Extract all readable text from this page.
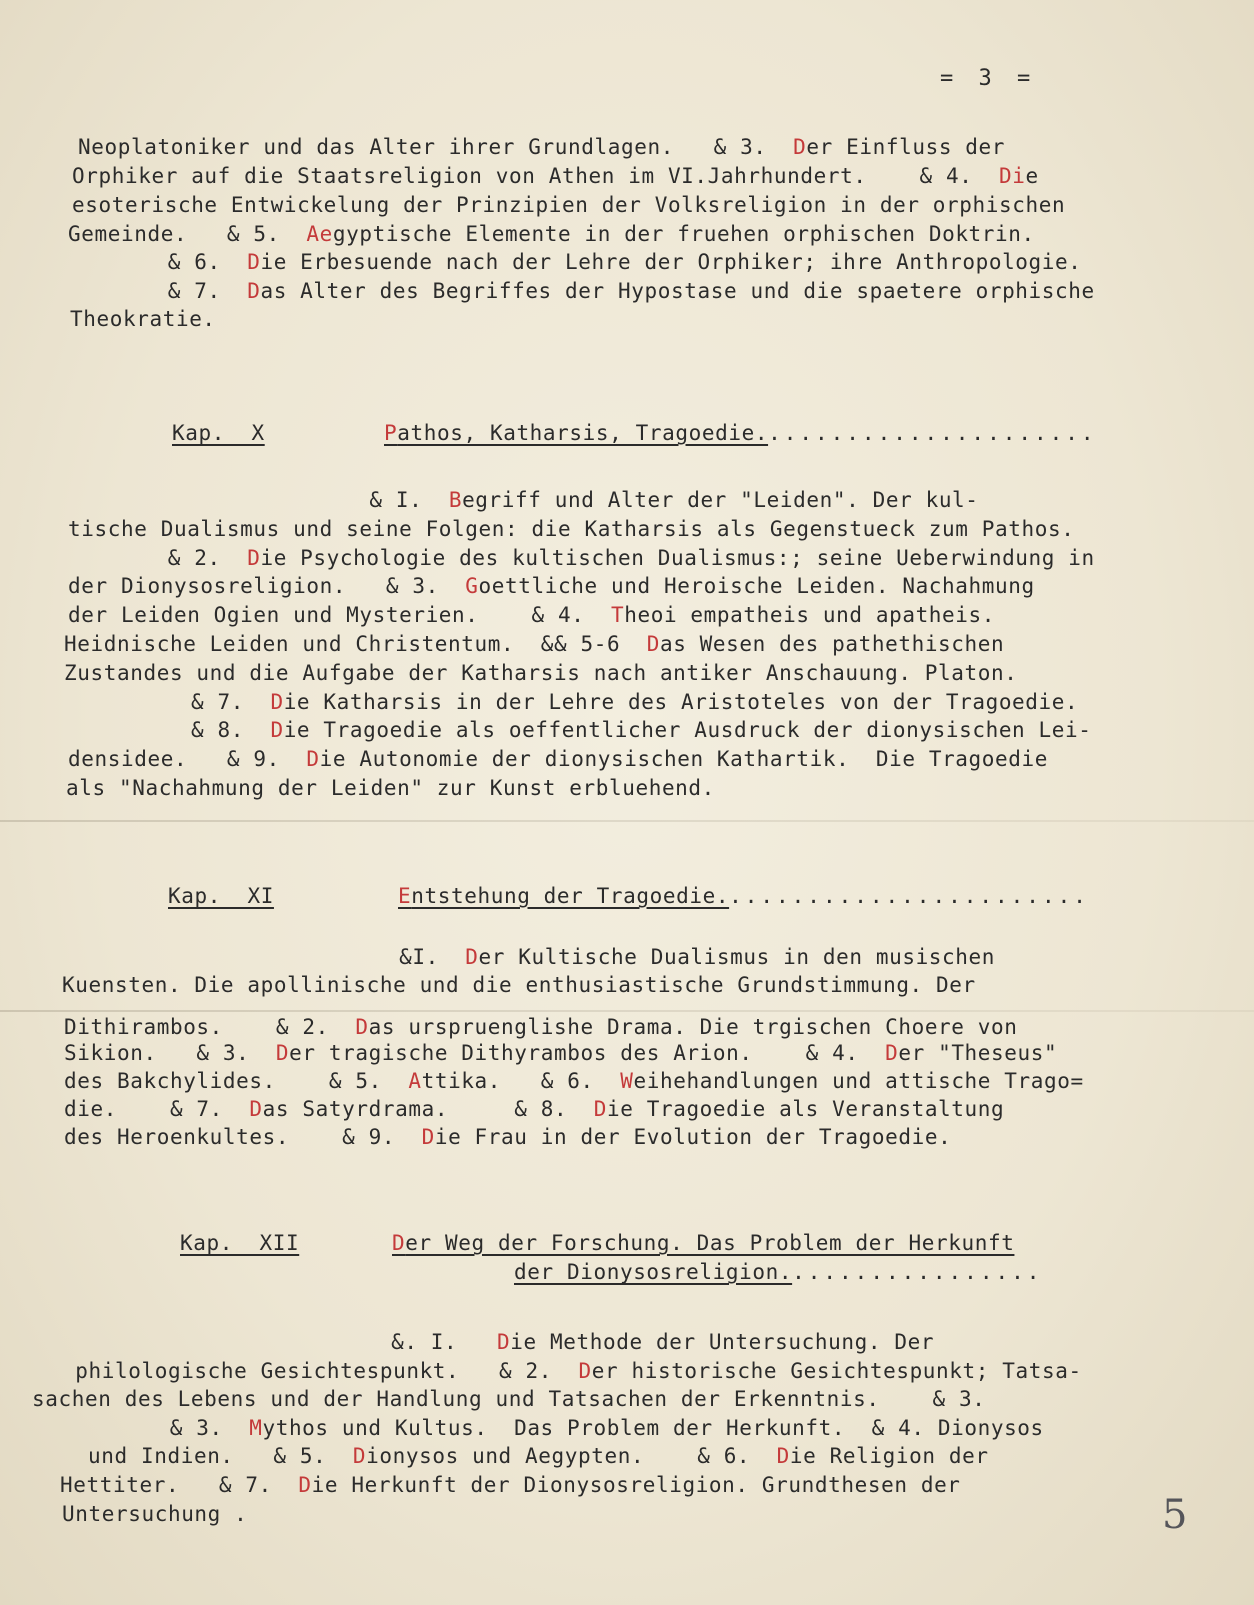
= 3 =
Neoplatoniker und das Alter ihrer Grundlagen.   & 3.  Der Einfluss der
Orphiker auf die Staatsreligion von Athen im VI.Jahrhundert.    & 4.  Die
esoterische Entwickelung der Prinzipien der Volksreligion in der orphischen
Gemeinde.   & 5.  Aegyptische Elemente in der fruehen orphischen Doktrin.
& 6.  Die Erbesuende nach der Lehre der Orphiker; ihre Anthropologie.
& 7.  Das Alter des Begriffes der Hypostase und die spaetere orphische
Theokratie.
Kap.  X	Pathos, Katharsis, Tragoedie......................
& I.  Begriff und Alter der "Leiden". Der kul-
tische Dualismus und seine Folgen: die Katharsis als Gegenstueck zum Pathos.
& 2.  Die Psychologie des kultischen Dualismus:; seine Ueberwindung in
der Dionysosreligion.   & 3.  Goettliche und Heroische Leiden. Nachahmung
der Leiden Ogien und Mysterien.    & 4.  Theoi empatheis und apatheis.
Heidnische Leiden und Christentum.  && 5-6  Das Wesen des pathethischen
Zustandes und die Aufgabe der Katharsis nach antiker Anschauung. Platon.
& 7.  Die Katharsis in der Lehre des Aristoteles von der Tragoedie.
& 8.  Die Tragoedie als oeffentlicher Ausdruck der dionysischen Lei-
densidee.   & 9.  Die Autonomie der dionysischen Kathartik.  Die Tragoedie
als "Nachahmung der Leiden" zur Kunst erbluehend.
Kap.  XI	Entstehung der Tragoedie........................
&I.  Der Kultische Dualismus in den musischen
Kuensten. Die apollinische und die enthusiastische Grundstimmung. Der
Dithirambos.    & 2.  Das urspruenglishe Drama. Die trgischen Choere von
Sikion.   & 3.  Der tragische Dithyrambos des Arion.    & 4.  Der "Theseus"
des Bakchylides.    & 5.  Attika.   & 6.  Weihehandlungen und attische Trago=
die.    & 7.  Das Satyrdrama.     & 8.  Die Tragoedie als Veranstaltung
des Heroenkultes.    & 9.  Die Frau in der Evolution der Tragoedie.
Kap.  XII	Der Weg der Forschung. Das Problem der Herkunft
der Dionysosreligion.................
&. I.   Die Methode der Untersuchung. Der
philologische Gesichtespunkt.   & 2.  Der historische Gesichtespunkt; Tatsa-
sachen des Lebens und der Handlung und Tatsachen der Erkenntnis.    & 3.
& 3.  Mythos und Kultus.  Das Problem der Herkunft.  & 4. Dionysos
und Indien.   & 5.  Dionysos und Aegypten.    & 6.  Die Religion der
Hettiter.   & 7.  Die Herkunft der Dionysosreligion. Grundthesen der
Untersuchung .	5
